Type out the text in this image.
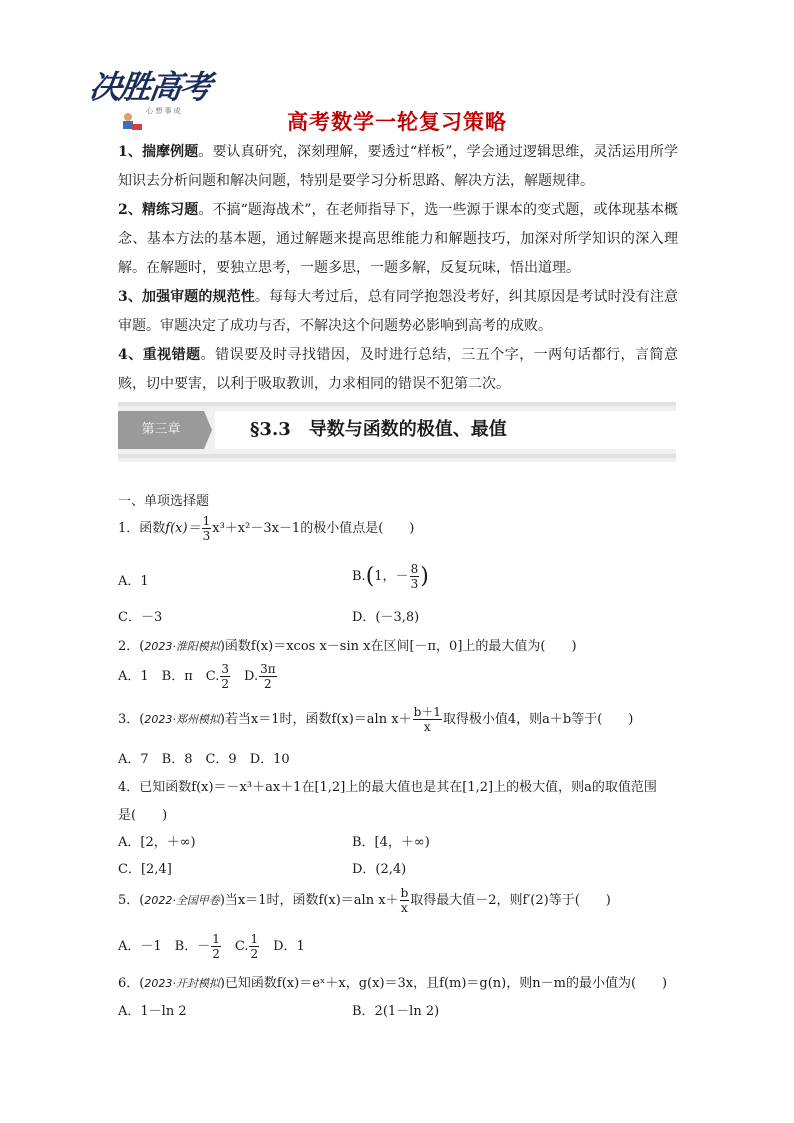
决胜高考
心 想 事 成	高考数学一轮复习策略
1、揣摩例题。要认真研究，深刻理解，要透过“样板”，学会通过逻辑思维，灵活运用所学知识去分析问题和解决问题，特别是要学习分析思路、解决方法，解题规律。
2、精练习题。不搞“题海战术”，在老师指导下，选一些源于课本的变式题，或体现基本概念、基本方法的基本题，通过解题来提高思维能力和解题技巧，加深对所学知识的深入理解。在解题时，要独立思考，一题多思，一题多解，反复玩味，悟出道理。
3、加强审题的规范性。每每大考过后，总有同学抱怨没考好，纠其原因是考试时没有注意审题。审题决定了成功与否，不解决这个问题势必影响到高考的成败。
4、重视错题。错误要及时寻找错因，及时进行总结，三五个字，一两句话都行，言简意赅，切中要害，以利于吸取教训，力求相同的错误不犯第二次。
第三章	§3.3　导数与函数的极值、最值
一、单项选择题
1．函数$f(x)= \frac{1}{3} x^3+x^2-3x-1$的极小值点是(　　)
A．1	B.(1，－ $\frac{8}{3}$ )
C．－3	D．(－3,8)
2．(2023·淮阳模拟)函数f(x)＝xcos x－sin x在区间[－π，0]上的最大值为(　　)
A．1　B．π　C. $\frac{3}{2}$ 　D. $\frac{3\pi}{2}$
3．(2023·郑州模拟)若当x＝1时，函数f(x)＝aln $x+ \frac{b+1}{x}$ 取得极小值4，则a＋b等于(　　)
A．7　B．8　C．9　D．10
4．已知函数f(x)＝－x³＋ax＋1在[1,2]上的最大值也是其在[1,2]上的极大值，则a的取值范围
是(　　)
A．[2，＋∞)	B．[4，＋∞)
C．[2,4]	D．(2,4)
5．(2022·全国甲卷)当x＝1时，函数f(x)＝aln $x+ \frac{b}{x}$ 取得最大值－2，则f′(2)等于(　　)
A．－1　B．－ $\frac{1}{2}$ 　C. $\frac{1}{2}$ 　D．1
6．(2023·开封模拟)已知函数f(x)＝eˣ＋x，g(x)＝3x，且f(m)＝g(n)，则n－m的最小值为(　　)
A．1－ln 2	B．2(1－ln 2)
